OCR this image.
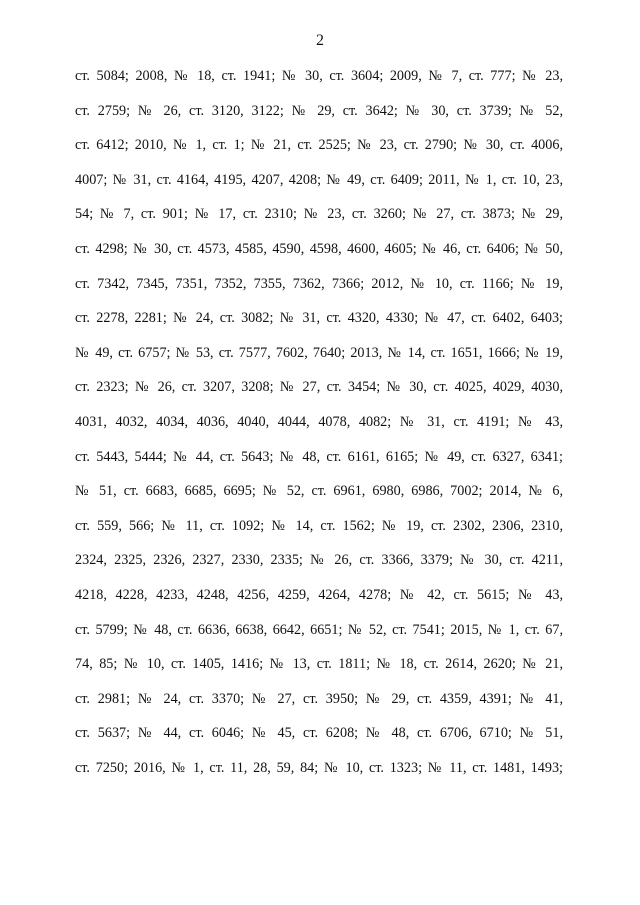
2
ст. 5084; 2008, № 18, ст. 1941; № 30, ст. 3604; 2009, № 7, ст. 777; № 23,
ст. 2759; № 26, ст. 3120, 3122; № 29, ст. 3642; № 30, ст. 3739; № 52,
ст. 6412; 2010, № 1, ст. 1; № 21, ст. 2525; № 23, ст. 2790; № 30, ст. 4006,
4007; № 31, ст. 4164, 4195, 4207, 4208; № 49, ст. 6409; 2011, № 1, ст. 10, 23,
54; № 7, ст. 901; № 17, ст. 2310; № 23, ст. 3260; № 27, ст. 3873; № 29,
ст. 4298; № 30, ст. 4573, 4585, 4590, 4598, 4600, 4605; № 46, ст. 6406; № 50,
ст. 7342, 7345, 7351, 7352, 7355, 7362, 7366; 2012, № 10, ст. 1166; № 19,
ст. 2278, 2281; № 24, ст. 3082; № 31, ст. 4320, 4330; № 47, ст. 6402, 6403;
№ 49, ст. 6757; № 53, ст. 7577, 7602, 7640; 2013, № 14, ст. 1651, 1666; № 19,
ст. 2323; № 26, ст. 3207, 3208; № 27, ст. 3454; № 30, ст. 4025, 4029, 4030,
4031, 4032, 4034, 4036, 4040, 4044, 4078, 4082; № 31, ст. 4191; № 43,
ст. 5443, 5444; № 44, ст. 5643; № 48, ст. 6161, 6165; № 49, ст. 6327, 6341;
№ 51, ст. 6683, 6685, 6695; № 52, ст. 6961, 6980, 6986, 7002; 2014, № 6,
ст. 559, 566; № 11, ст. 1092; № 14, ст. 1562; № 19, ст. 2302, 2306, 2310,
2324, 2325, 2326, 2327, 2330, 2335; № 26, ст. 3366, 3379; № 30, ст. 4211,
4218, 4228, 4233, 4248, 4256, 4259, 4264, 4278; № 42, ст. 5615; № 43,
ст. 5799; № 48, ст. 6636, 6638, 6642, 6651; № 52, ст. 7541; 2015, № 1, ст. 67,
74, 85; № 10, ст. 1405, 1416; № 13, ст. 1811; № 18, ст. 2614, 2620; № 21,
ст. 2981; № 24, ст. 3370; № 27, ст. 3950; № 29, ст. 4359, 4391; № 41,
ст. 5637; № 44, ст. 6046; № 45, ст. 6208; № 48, ст. 6706, 6710; № 51,
ст. 7250; 2016, № 1, ст. 11, 28, 59, 84; № 10, ст. 1323; № 11, ст. 1481, 1493;
